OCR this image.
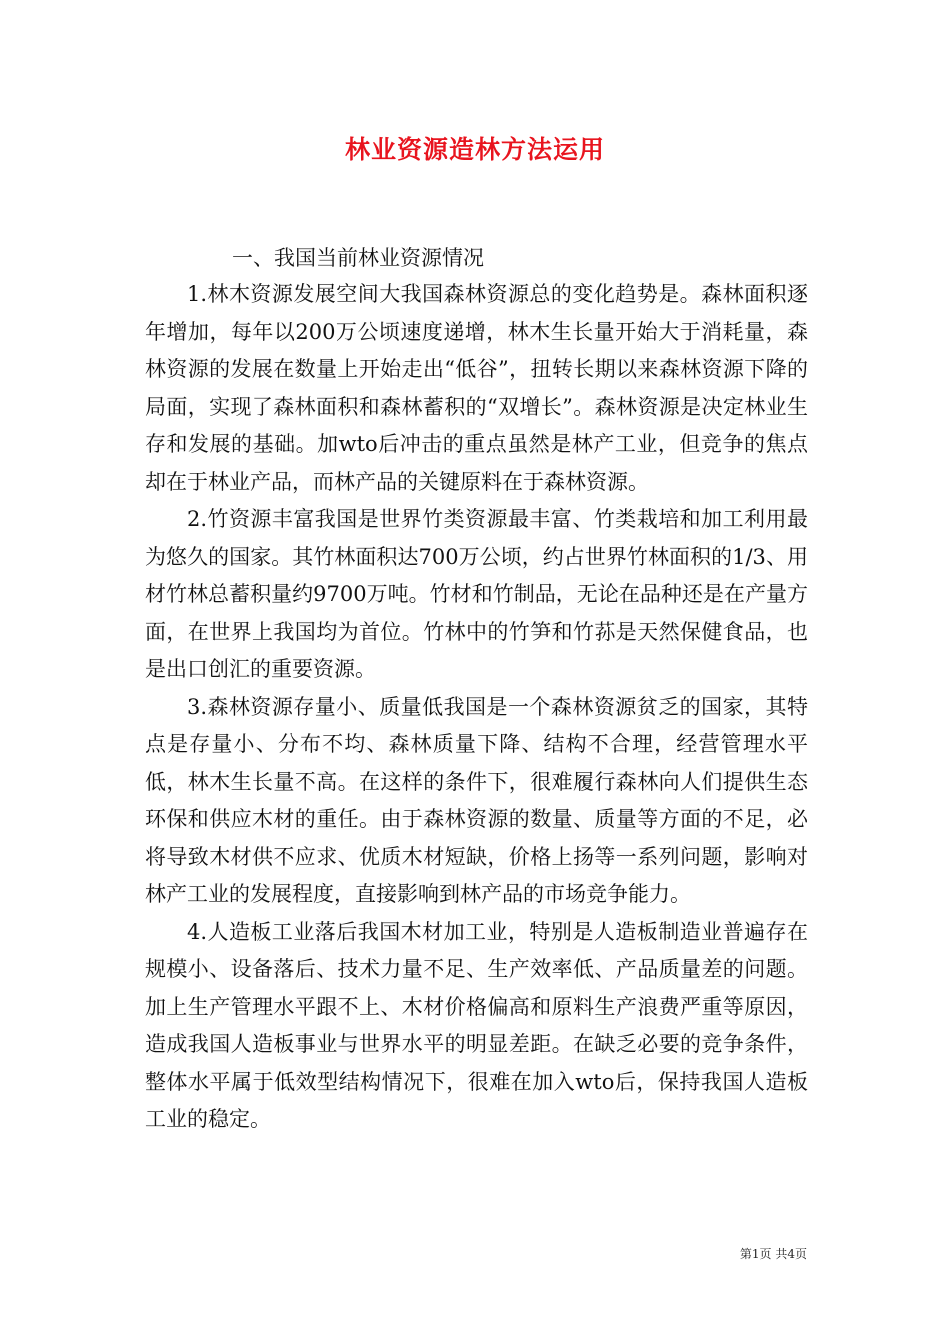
林业资源造林方法运用
一、我国当前林业资源情况

1.林木资源发展空间大我国森林资源总的变化趋势是。森林面积逐年增加，每年以200万公顷速度递增，林木生长量开始大于消耗量，森林资源的发展在数量上开始走出“低谷”，扭转长期以来森林资源下降的局面，实现了森林面积和森林蓄积的“双增长”。森林资源是决定林业生存和发展的基础。加wto后冲击的重点虽然是林产工业，但竞争的焦点却在于林业产品，而林产品的关键原料在于森林资源。

2.竹资源丰富我国是世界竹类资源最丰富、竹类栽培和加工利用最为悠久的国家。其竹林面积达700万公顷，约占世界竹林面积的1/3、用材竹林总蓄积量约9700万吨。竹材和竹制品，无论在品种还是在产量方面，在世界上我国均为首位。竹林中的竹笋和竹荪是天然保健食品，也是出口创汇的重要资源。

3.森林资源存量小、质量低我国是一个森林资源贫乏的国家，其特点是存量小、分布不均、森林质量下降、结构不合理，经营管理水平低，林木生长量不高。在这样的条件下，很难履行森林向人们提供生态环保和供应木材的重任。由于森林资源的数量、质量等方面的不足，必将导致木材供不应求、优质木材短缺，价格上扬等一系列问题，影响对林产工业的发展程度，直接影响到林产品的市场竞争能力。

4.人造板工业落后我国木材加工业，特别是人造板制造业普遍存在规模小、设备落后、技术力量不足、生产效率低、产品质量差的问题。加上生产管理水平跟不上、木材价格偏高和原料生产浪费严重等原因，造成我国人造板事业与世界水平的明显差距。在缺乏必要的竞争条件，整体水平属于低效型结构情况下，很难在加入wto后，保持我国人造板工业的稳定。

第1页 共4页
